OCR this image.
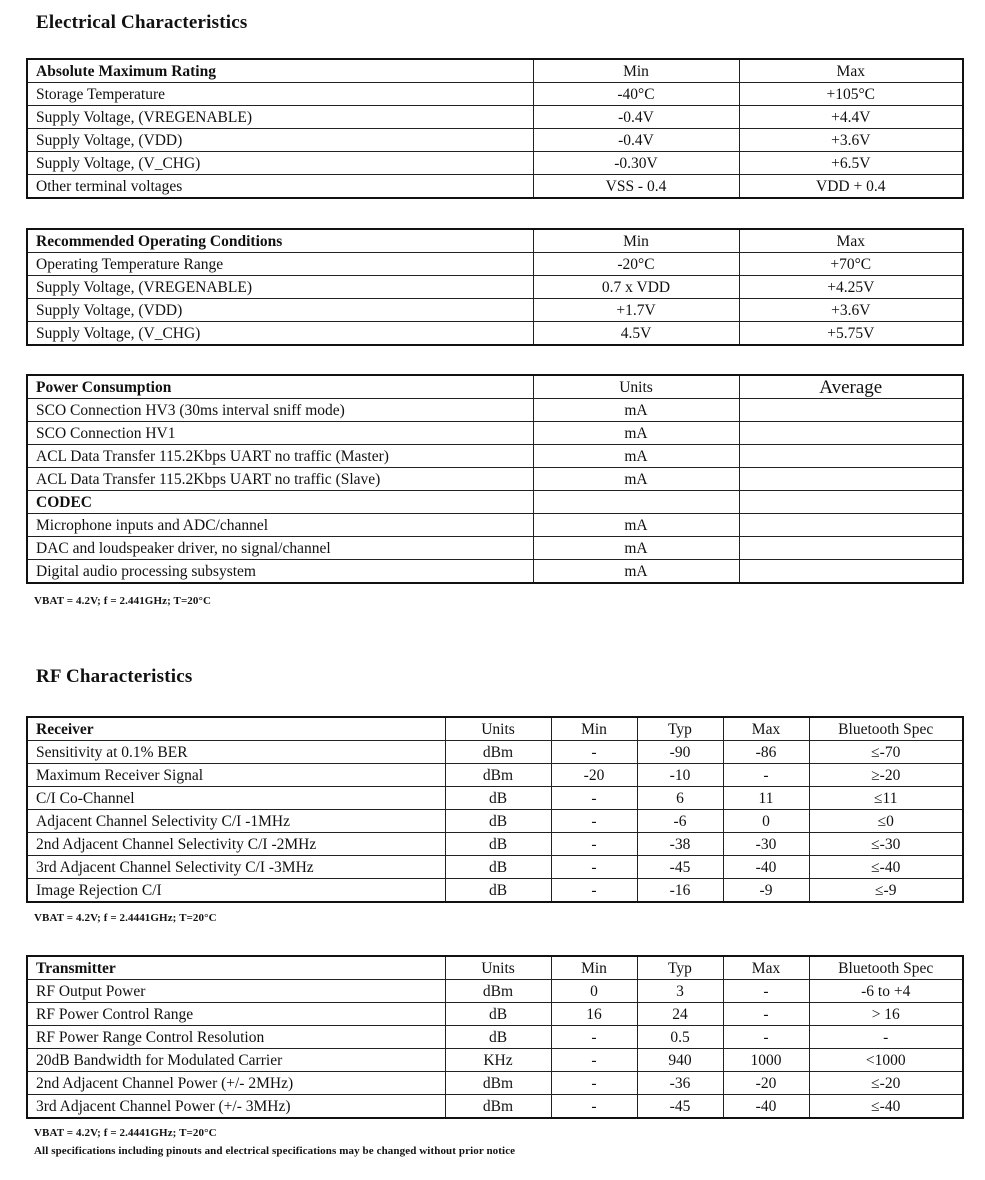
Electrical Characteristics
Absolute Maximum Rating	Min	Max
Storage Temperature	-40°C	+105°C
Supply Voltage, (VREGENABLE)	-0.4V	+4.4V
Supply Voltage, (VDD)	-0.4V	+3.6V
Supply Voltage, (V_CHG)	-0.30V	+6.5V
Other terminal voltages	VSS - 0.4	VDD + 0.4
Recommended Operating Conditions	Min	Max
Operating Temperature Range	-20°C	+70°C
Supply Voltage, (VREGENABLE)	0.7 x VDD	+4.25V
Supply Voltage, (VDD)	+1.7V	+3.6V
Supply Voltage, (V_CHG)	4.5V	+5.75V
Power Consumption	Units	Average
SCO Connection HV3 (30ms interval sniff mode)	mA	
SCO Connection HV1	mA	
ACL Data Transfer 115.2Kbps UART no traffic (Master)	mA	
ACL Data Transfer 115.2Kbps UART no traffic (Slave)	mA	
CODEC		
Microphone inputs and ADC/channel	mA	
DAC and loudspeaker driver, no signal/channel	mA	
Digital audio processing subsystem	mA	

VBAT = 4.2V; f = 2.441GHz; T=20°C

RF Characteristics
Receiver	Units	Min	Typ	Max	Bluetooth Spec
Sensitivity at 0.1% BER	dBm	-	-90	-86	≤-70
Maximum Receiver Signal	dBm	-20	-10	-	≥-20
C/I Co-Channel	dB	-	6	11	≤11
Adjacent Channel Selectivity C/I -1MHz	dB	-	-6	0	≤0
2nd Adjacent Channel Selectivity C/I -2MHz	dB	-	-38	-30	≤-30
3rd Adjacent Channel Selectivity C/I -3MHz	dB	-	-45	-40	≤-40
Image Rejection C/I	dB	-	-16	-9	≤-9

VBAT = 4.2V; f = 2.4441GHz; T=20°C

Transmitter	Units	Min	Typ	Max	Bluetooth Spec
RF Output Power	dBm	0	3	-	-6 to +4
RF Power Control Range	dB	16	24	-	> 16
RF Power Range Control Resolution	dB	-	0.5	-	-
20dB Bandwidth for Modulated Carrier	KHz	-	940	1000	<1000
2nd Adjacent Channel Power (+/- 2MHz)	dBm	-	-36	-20	≤-20
3rd Adjacent Channel Power (+/- 3MHz)	dBm	-	-45	-40	≤-40

VBAT = 4.2V; f = 2.4441GHz; T=20°C

All specifications including pinouts and electrical specifications may be changed without prior notice
